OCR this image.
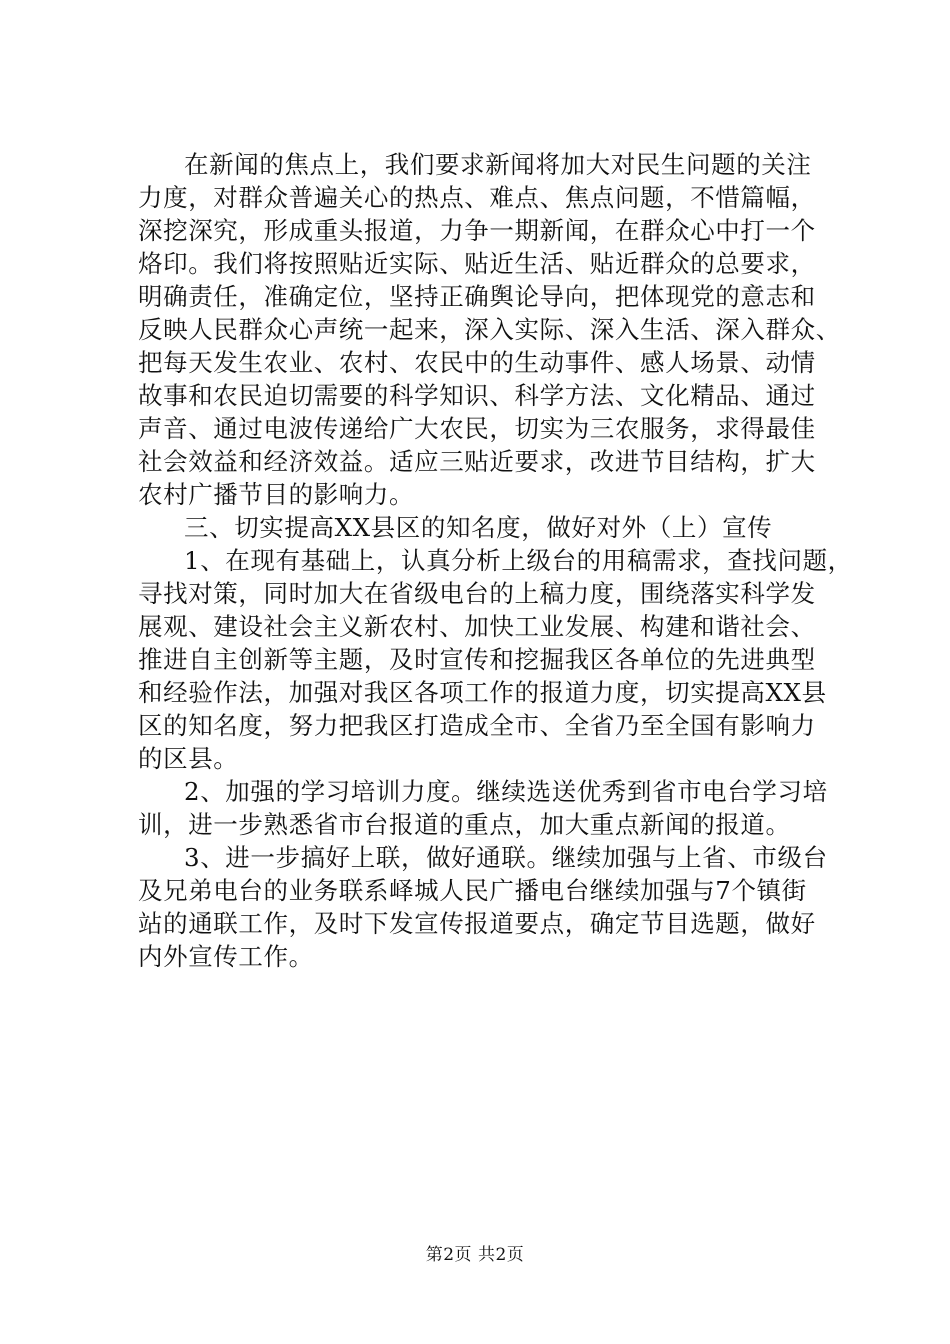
在新闻的焦点上，我们要求新闻将加大对民生问题的关注
力度，对群众普遍关心的热点、难点、焦点问题，不惜篇幅，
深挖深究，形成重头报道，力争一期新闻，在群众心中打一个
烙印。我们将按照贴近实际、贴近生活、贴近群众的总要求，
明确责任，准确定位，坚持正确舆论导向，把体现党的意志和
反映人民群众心声统一起来，深入实际、深入生活、深入群众、
把每天发生农业、农村、农民中的生动事件、感人场景、动情
故事和农民迫切需要的科学知识、科学方法、文化精品、通过
声音、通过电波传递给广大农民，切实为三农服务，求得最佳
社会效益和经济效益。适应三贴近要求，改进节目结构，扩大
农村广播节目的影响力。
三、切实提高XX县区的知名度，做好对外（上）宣传
1、在现有基础上，认真分析上级台的用稿需求，查找问题，
寻找对策，同时加大在省级电台的上稿力度，围绕落实科学发
展观、建设社会主义新农村、加快工业发展、构建和谐社会、
推进自主创新等主题，及时宣传和挖掘我区各单位的先进典型
和经验作法，加强对我区各项工作的报道力度，切实提高XX县
区的知名度，努力把我区打造成全市、全省乃至全国有影响力
的区县。
2、加强的学习培训力度。继续选送优秀到省市电台学习培
训，进一步熟悉省市台报道的重点，加大重点新闻的报道。
3、进一步搞好上联，做好通联。继续加强与上省、市级台
及兄弟电台的业务联系峄城人民广播电台继续加强与7个镇街
站的通联工作，及时下发宣传报道要点，确定节目选题，做好
内外宣传工作。
第2页 共2页
